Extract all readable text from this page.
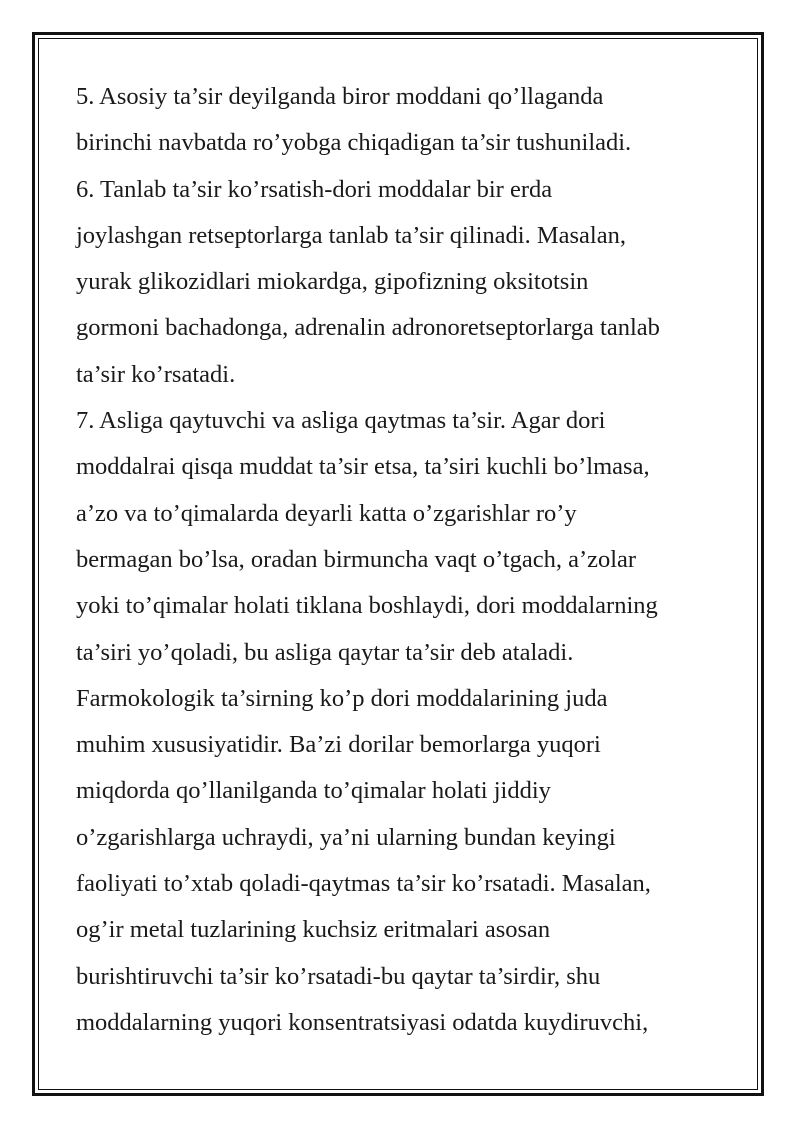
5. Asosiy ta’sir deyilganda biror moddani qo’llaganda
birinchi navbatda ro’yobga chiqadigan ta’sir tushuniladi.
6. Tanlab ta’sir ko’rsatish-dori moddalar bir erda
joylashgan retseptorlarga tanlab ta’sir qilinadi. Masalan,
yurak glikozidlari miokardga, gipofizning oksitotsin
gormoni bachadonga, adrenalin adronoretseptorlarga tanlab
ta’sir ko’rsatadi.
7. Asliga qaytuvchi va asliga qaytmas ta’sir. Agar dori
moddalrai qisqa muddat ta’sir etsa, ta’siri kuchli bo’lmasa,
a’zo va to’qimalarda deyarli katta o’zgarishlar ro’y
bermagan bo’lsa, oradan birmuncha vaqt o’tgach, a’zolar
yoki to’qimalar holati tiklana boshlaydi, dori moddalarning
ta’siri yo’qoladi, bu asliga qaytar ta’sir deb ataladi.
Farmokologik ta’sirning ko’p dori moddalarining juda
muhim xususiyatidir. Ba’zi dorilar bemorlarga yuqori
miqdorda qo’llanilganda to’qimalar holati jiddiy
o’zgarishlarga uchraydi, ya’ni ularning bundan keyingi
faoliyati to’xtab qoladi-qaytmas ta’sir ko’rsatadi. Masalan,
og’ir metal tuzlarining kuchsiz eritmalari asosan
burishtiruvchi ta’sir ko’rsatadi-bu qaytar ta’sirdir, shu
moddalarning yuqori konsentratsiyasi odatda kuydiruvchi,
